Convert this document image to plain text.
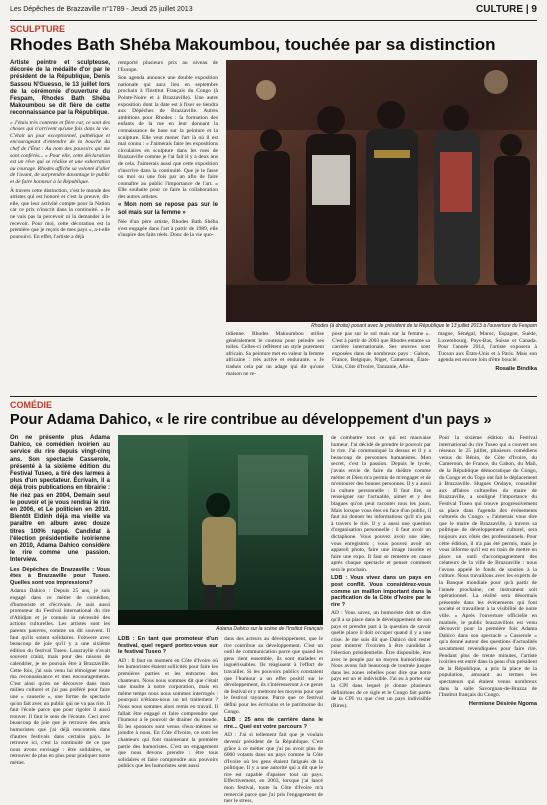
Les Dépêches de Brazzaville n°1789 - Jeudi 25 juillet 2013	CULTURE | 9
SCULPTURE
Rhodes Bath Shéba Makoumbou, touchée par sa distinction

Artiste peintre et sculpteuse, décorée de la médaille d'or par le président de la République, Denis Sassou N'Guesso, le 13 juillet lors de la cérémonie d'ouverture du Fespam, Rhodes Bath Shéba Makoumbou se dit fière de cette reconnaissance par la République.

« J'étais très contente et fière car, ce sont des choses qui n'arrivent qu'une fois dans la vie. C'était un jour exceptionnel, pathétique et encourageant d'entendre de la bouche du chef de l'État : Au nom des pouvoirs qui me sont conférés... » Pour elle, cette déclaration est un rêve qui se réalise et une exhortation au courage. Rhodes affiche sa volonté d'aller de l'avant, de surprendre davantage le public et de faire honneur à la République.

À travers cette distinction, c'est le monde des artistes qui est honoré et c'est la preuve, dit-elle, que leur activité compte pour la Nation car ce prix n'inscrit dans la continuité. « Je ne vais pas la percevoir ni la demander à le recevoir. Pour moi, cette décoration est la première que je reçois de mes pays », a-t-elle poursuivi. En effet, l'artiste a déjà

remporté plusieurs prix au niveau de l'Europe.

Son agenda annonce une double exposition nationale qui aura lieu en septembre prochain à l'Institut Français du Congo (à Pointe-Noire et à Brazzaville). Une autre exposition dont la date est à fixer se tiendra aux Dépêches de Brazzaville. Autres ambitions pour Rhodes : la formation des enfants de la rue en leur donnant la connaissance de base sur la peinture et la sculpture. Elle veut mener l'art là où il est mal connu : « J'aimerais faire les expositions circulaires en sculpture dans les rues de Brazzaville comme je l'ai fait il y a deux ans de cela. J'aimerais aussi que cette exposition s'inscrive dans la continuité. Que je le fasse ou moi ou une fois par an afin de faire connaître au public l'importance de l'art. » Elle souhaite pour ce faire la collaboration des autres artistes.

« Mon nom se repose pas sur le sol mais sur la femme »

Née d'un père artiste, Rhodes Bath Shéba s'est engagée dans l'art à partir de 1989, elle s'inspire des faits réels. Donc de la vie quo-

Rhodes (à droite) posant avec le président de la République le 13 juillet 2013 à l'ouverture du Fespam

tidienne. Rhodes Makoumbou utilise généralement le couteau pour peindre ses toiles. Celles-ci reflètent un style purement africain. Sa peinture met en valeur la femme africaine : très active et endurante. « Je traduis cela par un adage qui dit qu'une maison ne re-

pose pas sur le sol mais sur la femme ». C'est à partir de 2003 que Rhodes entame sa carrière internationale. Ses œuvres sont exposées dans de nombreux pays : Gabon, France, Belgique, Niger, Cameroun, États-Unis, Côte d'Ivoire, Tanzanie, Alle-

magne, Sénégal, Maroc, Espagne, Suède, Luxembourg, Pays-Bas, Suisse et Canada. Pour l'année 2014, l'artiste exposera à Tucson aux États-Unis et à Paris. Mais son agenda est encore loin d'être bouclé.

Rosalie Bindika

COMÉDIE
Pour Adama Dahico, « le rire contribue au développement d'un pays »

On ne présente plus Adama Dahico, ce comédien ivoirien au service du rire depuis vingt-cinq ans. Son spectacle Casserole, présenté à la sixième édition du Festival Tuseo, a tiré des larmes à plus d'un spectateur. Écrivain, il a déjà trois publications en librairie : Ne riez pas en 2004, Demain seul le pouvoir et je vous rendrai le rire en 2006, et Le politicien en 2010. Bientôt Eldinh déjà ma vieille va paraître en album avec douze titres 100% rappé. Candidat à l'élection présidentielle ivoirienne en 2010, Adama Dahico considère le rire comme une passion. Interview.

Les Dépêches de Brazzaville : Vous êtes à Brazzaville pour Tuseo. Quelles sont vos impressions?

Adama Dahico : Depuis 25 ans, je suis engagé dans ce métier de comédien, d'humoriste et d'écrivain. Je suis aussi promoteur du Festival international du rire d'Abidjan et je connais la nécessité des actions culturelles. Les artistes sont les parents pauvres, comme on dit souvent. Il faut qu'ils soient solidaires. Fobwere avec beaucoup de joie qu'il y a une sixième édition du festival Tuseo. Lauzraylie n'avait souvent craint, mais pour des raisons de calendrier, je ne pouvais être à Brazzaville. Cette fois, j'ai suis venu lui témoigner toute ma reconnaissance et mes encouragements. C'est ainsi qu'en ne découvre dans mon milieu culturel et j'ai pas préféré pour faire une « causerie », une forme de spectacle qu'on fait avec un public qui ne va pas rire. Il faut l'école parce que pour rigoler il aussi trouver. Il faut le sens de l'écoute. Ceci avec beaucoup de joie que je retrouve des amis humoristes que j'ai déjà rencontrés dans d'autres festivals dans certains pays. Je retrouve ici, c'est la continuité de ce que nous avons envisagé : être solidaires, se retrouver de plus en plus pour pratiquer notre métier.

Adama Dahico sur la scène de l'Institut Français

LDB : En tant que promoteur d'un festival, quel regard portez-vous sur le festival Tuseo ?

AD : Il faut un moment en Côte d'Ivoire où les humoristes étaient sollicités pour faire les premières parties et les entractes des chanteurs. Nous nous sommes dit que c'était une insulte à notre corporation, mais en même temps nous nous sommes interrogés : pourquoi n'étions-nous un tel traitement ? Nous nous sommes alors remis en travail. Il fallait être engagé et faire comprendre que l'humour a le pouvoir de drainer du monde. Et les sponsors sont venus d'eux-mêmes se joindre à nous. En Côte d'Ivoire, ce sont les chanteurs qui font maintenant la première partie des humoristes. C'est un engagement que nous devons prendre : être tous solidaires et faire comprendre aux pouvoirs publics que les humoristes sont aussi

dans des acteurs au développement, que le rire contribue au développement. C'est un outil de communication parce que quand les gens rient ensemble, ils sont malades et inguérissables. Ils réagissent à l'effort de travailler. Si les pouvoirs publics constatent que l'humour a un effet positif sur le développement, ils s'intéresseront à ce genre de festival et y mettront les moyens pour que le festival rayonne. Parce que ce festival défini pour les écrivains et le patrimoine du Congo.

LDB : 25 ans de carrière dans le rire... Quel est votre parcours ?

AD : J'ai si tellement fait que je voulais devenir président de la République. C'est grâce à ce métier que j'ai pu avoir plus de 6000 votants dans un pays comme la Côte d'Ivoire où les gens étaient fatigués de la politique. Il y a une autorité qui a dit que le rire est capable d'apaiser tout un pays. Effectivement, en 2003, lorsque j'ai lancé mon festival, toute la Côte d'Ivoire m'a remercié parce que j'ai pris l'engagement de tuer le stress,

de combattre tout ce qui est mauvaise humeur. J'ai décidé de prendre le pouvoir par le rire. J'ai communiqué la dessus et il y a beaucoup de personnes humanistes. Mon secret, c'est la passion. Depuis le lycée, j'avais envie de faire du théâtre comme métier et Dieu m'a permis de m'engager et de m'entourer des bonnes personnes. Il y a aussi la culture personnelle : Il faut lire, se renseigner sur l'actualité, aimer et y des blagues qu'on peut raconter tous les jours. Mais lorsque vous êtes en face d'un public, il faut lui donner les informations qu'il n'a pas à travers le rire. Il y a aussi une question d'organisation personnelle : il faut avoir un dictaphone. Vous pouvez avoir une idée, vous enregistrez ; vous pouvez avoir un appareil photo, faire une image insolite et faire une expo. Il faut se remettre en cause après chaque spectacle et penser comment sera le prochain.

LDB : Vous vivez dans un pays en post conflit. Vous considérez-vous comme un maillon important dans la pacification de la Côte d'Ivoire par le rire ?

AD : Vous savez, un humoriste doit se dire qu'il a sa place dans le développement de son pays et prendre part à la question de savoir quelle place il doit occuper quand il y a une crise. Je me suis dit que Dahico doit rester pour montrer l'ivoirien à être candidat à l'élection présidentielle. Être disponible, être avec le peuple par un moyen humoristique. Nous avons fait beaucoup de tournée jusque dans les zones rebelles pour dire que notre pays est un et indivisible. J'ai eu à porter sur la CPI dans lequel je donne plusieurs définitions de ce sigle et le Congo fait partie de la CPI vu que c'est un pays indivisible (Rires).

Pour la sixième édition du Festival international du rire Tuseo qui a couvert ses réseaux le 25 juillet, plusieurs comédiens venus du Bénin, de Côte d'Ivoire, du Cameroun, de France, du Gabon, du Mali, de la République démocratique du Congo, du Congo et du Togo ont fait le déplacement à Brazzaville. Hugues Ondaye, conseiller aux affaires culturelles du maire de Brazzaville, a souligné l'importance du Festival Tuseo qui trouve progressivement sa place dans l'agenda des événements culturels du Congo. « J'aimerais vous dire que le maire de Brazzaville, à travers sa politique de développement culturel, sera toujours aux côtés des professionnels. Pour cette édition, il n'a pas été permis, mais je vous informe qu'il est en train de mettre en place un outil d'accompagnement des créateurs de la ville de Brazzaville : nous l'avons appelé le fonds de soutien à la culture. Nous travaillons avec les experts de la Banque mondiale pour qu'à partir de l'année prochaine, cet instrument soit opérationnel. La réalité sera désormais présentée dans les événements qui font société et travaillent à la visibilité de notre ville. » Après l'ouverture officielle en matinée, le public brazzavillois est venu découvrir pour la première fois Adama Dahico dans son spectacle « Casserole » qu'a donné autour des questions d'actualités savamment revendiquées pour faire rire. Pendant plus de trente minutes, l'artiste ivoirien est entré dans la peau d'un président de la République, a pris la place de la population, amusant au termes les spectateurs qui étaient venus nombreux dans la salle Savorgnan-de-Brazza de l'Institut français du Congo.

Hermione Désirée Ngoma
